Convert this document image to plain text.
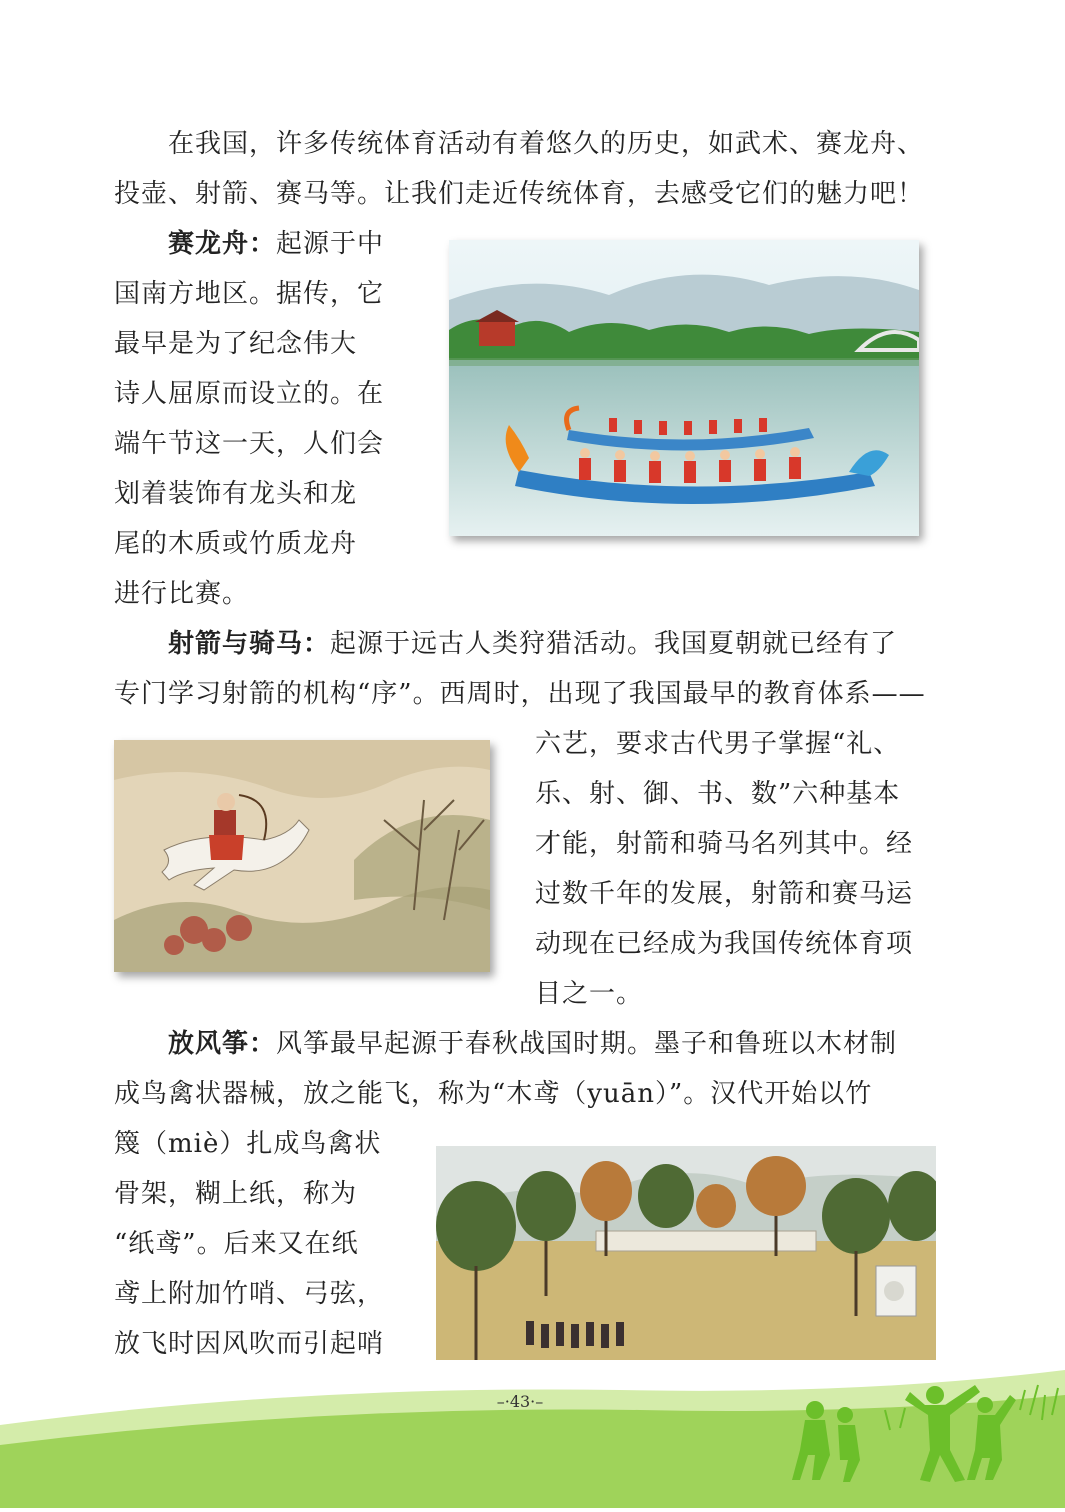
在我国，许多传统体育活动有着悠久的历史，如武术、赛龙舟、
投壶、射箭、赛马等。让我们走近传统体育，去感受它们的魅力吧！
赛龙舟：起源于中
国南方地区。据传，它
最早是为了纪念伟大
诗人屈原而设立的。在
端午节这一天，人们会
划着装饰有龙头和龙
尾的木质或竹质龙舟
进行比赛。
射箭与骑马：起源于远古人类狩猎活动。我国夏朝就已经有了
专门学习射箭的机构“序”。西周时，出现了我国最早的教育体系——
六艺，要求古代男子掌握“礼、
乐、射、御、书、数”六种基本
才能，射箭和骑马名列其中。经
过数千年的发展，射箭和赛马运
动现在已经成为我国传统体育项
目之一。
放风筝：风筝最早起源于春秋战国时期。墨子和鲁班以木材制
成鸟禽状器械，放之能飞，称为“木鸢（yuān）”。汉代开始以竹
篾（miè）扎成鸟禽状
骨架，糊上纸，称为
“纸鸢”。后来又在纸
鸢上附加竹哨、弓弦，
放飞时因风吹而引起哨
–·43·–
